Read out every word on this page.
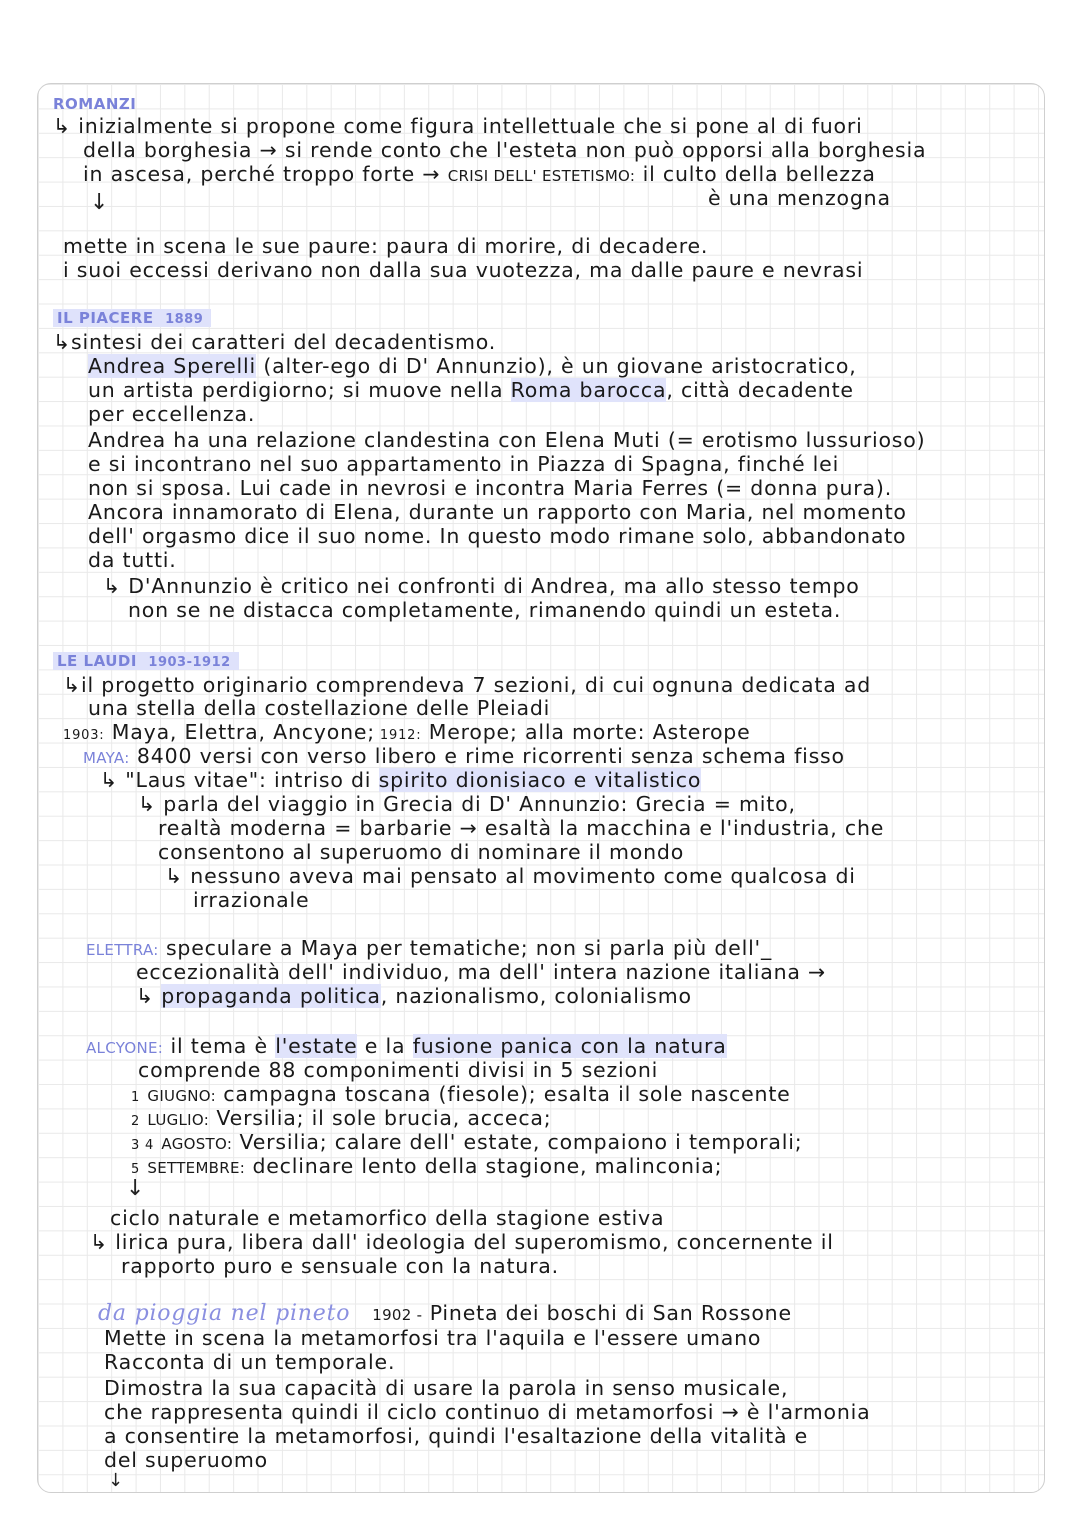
ROMANZI
↳ inizialmente si propone come figura intellettuale che si pone al di fuori
della borghesia → si rende conto che l'esteta non può opporsi alla borghesia
in ascesa, perché troppo forte → CRISI DELL' ESTETISMO: il culto della bellezza
è una menzogna
↓
mette in scena le sue paure: paura di morire, di decadere.
i suoi eccessi derivano non dalla sua vuotezza, ma dalle paure e nevrasi
IL PIACERE 1889
↳sintesi dei caratteri del decadentismo.
Andrea Sperelli (alter-ego di D' Annunzio), è un giovane aristocratico,
un artista perdigiorno; si muove nella Roma barocca, città decadente
per eccellenza.
Andrea ha una relazione clandestina con Elena Muti (= erotismo lussurioso)
e si incontrano nel suo appartamento in Piazza di Spagna, finché lei
non si sposa. Lui cade in nevrosi e incontra Maria Ferres (= donna pura).
Ancora innamorato di Elena, durante un rapporto con Maria, nel momento
dell' orgasmo dice il suo nome. In questo modo rimane solo, abbandonato
da tutti.
↳ D'Annunzio è critico nei confronti di Andrea, ma allo stesso tempo
non se ne distacca completamente, rimanendo quindi un esteta.
LE LAUDI 1903-1912
↳il progetto originario comprendeva 7 sezioni, di cui ognuna dedicata ad
una stella della costellazione delle Pleiadi
1903: Maya, Elettra, Ancyone; 1912: Merope; alla morte: Asterope
MAYA: 8400 versi con verso libero e rime ricorrenti senza schema fisso
↳ "Laus vitae": intriso di spirito dionisiaco e vitalistico
↳ parla del viaggio in Grecia di D' Annunzio: Grecia = mito,
realtà moderna = barbarie → esaltà la macchina e l'industria, che
consentono al superuomo di nominare il mondo
↳ nessuno aveva mai pensato al movimento come qualcosa di
irrazionale
ELETTRA: speculare a Maya per tematiche; non si parla più dell'_
eccezionalità dell' individuo, ma dell' intera nazione italiana →
↳ propaganda politica, nazionalismo, colonialismo
ALCYONE: il tema è l'estate e la fusione panica con la natura
comprende 88 componimenti divisi in 5 sezioni
1 GIUGNO: campagna toscana (fiesole); esalta il sole nascente
2 LUGLIO: Versilia; il sole brucia, acceca;
3 4 AGOSTO: Versilia; calare dell' estate, compaiono i temporali;
5 SETTEMBRE: declinare lento della stagione, malinconia;
↓
ciclo naturale e metamorfico della stagione estiva
↳ lirica pura, libera dall' ideologia del superomismo, concernente il
rapporto puro e sensuale con la natura.
da pioggia nel pineto 1902 - Pineta dei boschi di San Rossone
Mette in scena la metamorfosi tra l'aquila e l'essere umano
Racconta di un temporale.
Dimostra la sua capacità di usare la parola in senso musicale,
che rappresenta quindi il ciclo continuo di metamorfosi → è l'armonia
a consentire la metamorfosi, quindi l'esaltazione della vitalità e
del superuomo
↓
